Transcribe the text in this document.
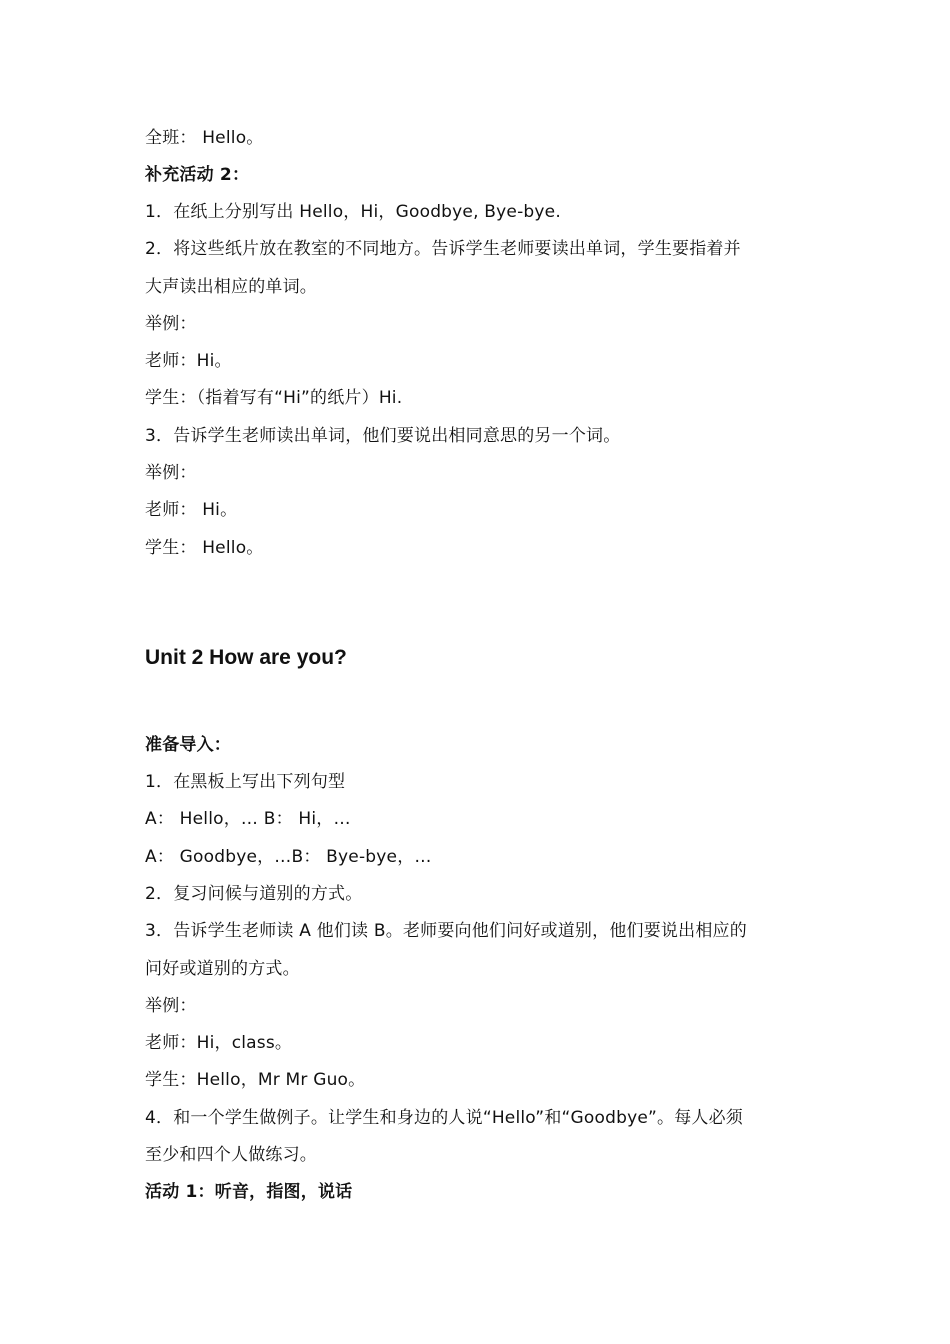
全班： Hello。
补充活动 2：
1．在纸上分别写出 Hello，Hi，Goodbye, Bye-bye.
2．将这些纸片放在教室的不同地方。告诉学生老师要读出单词，学生要指着并
大声读出相应的单词。
举例：
老师：Hi。
学生：（指着写有“Hi”的纸片）Hi.
3．告诉学生老师读出单词，他们要说出相同意思的另一个词。
举例：
老师： Hi。
学生： Hello。
Unit 2 How are you?
准备导入：
1．在黑板上写出下列句型
A： Hello，… B： Hi，…
A： Goodbye，…B： Bye-bye，…
2．复习问候与道别的方式。
3．告诉学生老师读 A 他们读 B。老师要向他们问好或道别，他们要说出相应的
问好或道别的方式。
举例：
老师：Hi，class。
学生：Hello，Mr Mr Guo。
4．和一个学生做例子。让学生和身边的人说“Hello”和“Goodbye”。每人必须
至少和四个人做练习。
活动 1：听音，指图，说话
